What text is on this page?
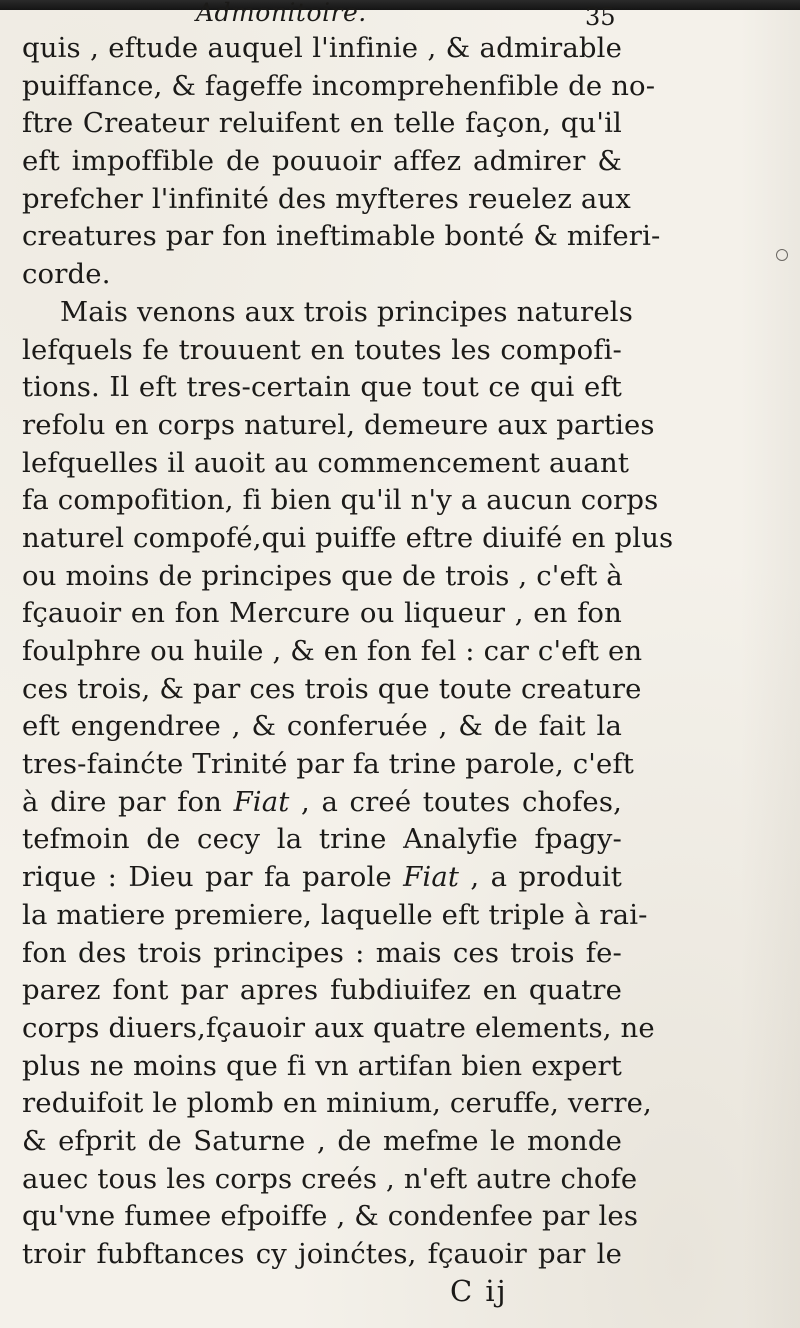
Admonitoire.	35
quis , eftude auquel l'infinie , & admirable
puiffance, & fageffe incomprehenfible de no-
ftre Createur reluifent en telle façon, qu'il
eft impoffible de pouuoir affez admirer &
prefcher l'infinité des myfteres reuelez aux
creatures par fon ineftimable bonté & miferi-
corde.
Mais venons aux trois principes naturels
lefquels fe trouuent en toutes les compofi-
tions. Il eft tres-certain que tout ce qui eft
refolu en corps naturel, demeure aux parties
lefquelles il auoit au commencement auant
fa compofition, fi bien qu'il n'y a aucun corps
naturel compofé,qui puiffe eftre diuifé en plus
ou moins de principes que de trois , c'eft à
fçauoir en fon Mercure ou liqueur , en fon
foulphre ou huile , & en fon fel : car c'eft en
ces trois, & par ces trois que toute creature
eft engendree , & conferuée , & de fait la
tres-fainćte Trinité par fa trine parole, c'eft
à dire par fon Fiat , a creé toutes chofes,
tefmoin de cecy la trine Analyfie fpagy-
rique : Dieu par fa parole Fiat , a produit
la matiere premiere, laquelle eft triple à rai-
fon des trois principes : mais ces trois fe-
parez font par apres fubdiuifez en quatre
corps diuers,fçauoir aux quatre elements, ne
plus ne moins que fi vn artifan bien expert
reduifoit le plomb en minium, ceruffe, verre,
& efprit de Saturne , de mefme le monde
auec tous les corps creés , n'eft autre chofe
qu'vne fumee efpoiffe , & condenfee par les
troir fubftances cy joinćtes, fçauoir par le
C ij
